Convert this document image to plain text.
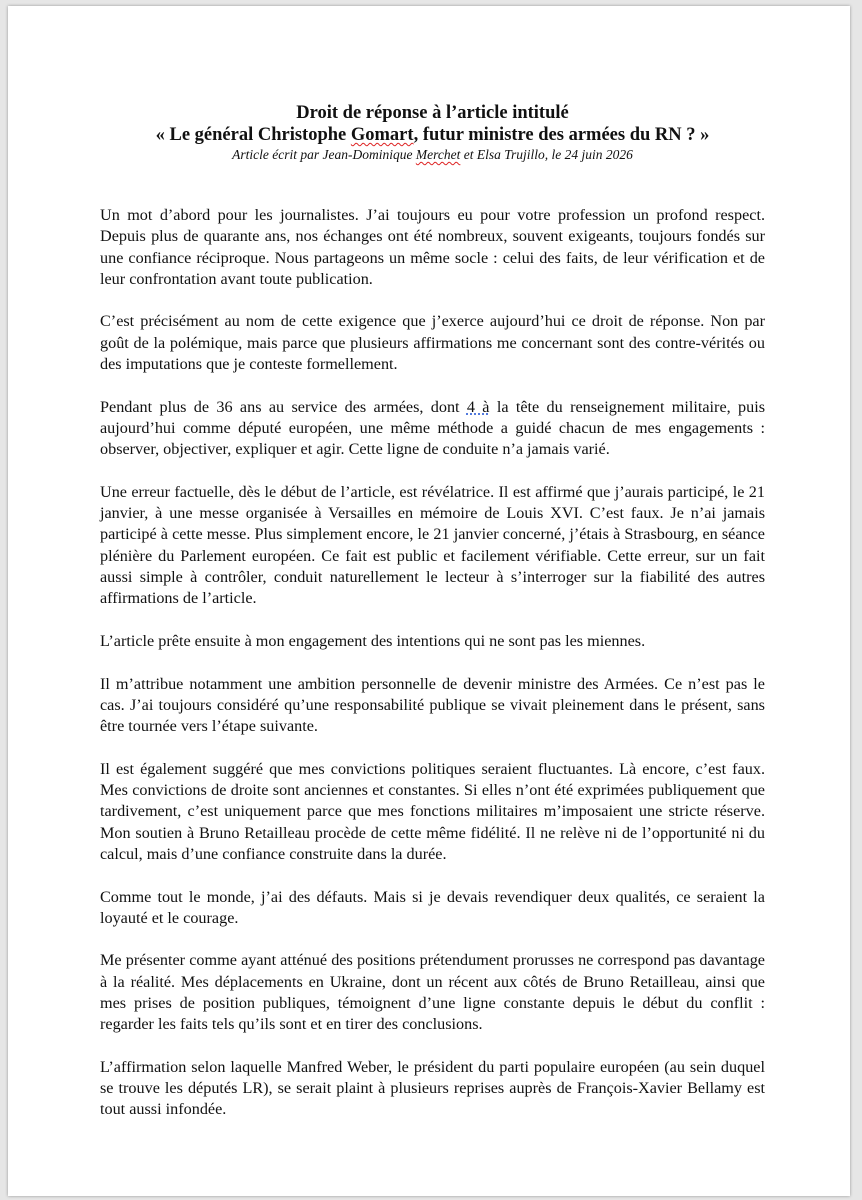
Droit de réponse à l’article intitulé

« Le général Christophe Gomart, futur ministre des armées du RN ? »

Article écrit par Jean-Dominique Merchet et Elsa Trujillo, le 24 juin 2026

Un mot d’abord pour les journalistes. J’ai toujours eu pour votre profession un profond respect. Depuis plus de quarante ans, nos échanges ont été nombreux, souvent exigeants, toujours fondés sur une confiance réciproque. Nous partageons un même socle : celui des faits, de leur vérification et de leur confrontation avant toute publication.

C’est précisément au nom de cette exigence que j’exerce aujourd’hui ce droit de réponse. Non par goût de la polémique, mais parce que plusieurs affirmations me concernant sont des contre-vérités ou des imputations que je conteste formellement.

Pendant plus de 36 ans au service des armées, dont 4 à la tête du renseignement militaire, puis aujourd’hui comme député européen, une même méthode a guidé chacun de mes engagements : observer, objectiver, expliquer et agir. Cette ligne de conduite n’a jamais varié.

Une erreur factuelle, dès le début de l’article, est révélatrice. Il est affirmé que j’aurais participé, le 21 janvier, à une messe organisée à Versailles en mémoire de Louis XVI. C’est faux. Je n’ai jamais participé à cette messe. Plus simplement encore, le 21 janvier concerné, j’étais à Strasbourg, en séance plénière du Parlement européen. Ce fait est public et facilement vérifiable. Cette erreur, sur un fait aussi simple à contrôler, conduit naturellement le lecteur à s’interroger sur la fiabilité des autres affirmations de l’article.

L’article prête ensuite à mon engagement des intentions qui ne sont pas les miennes.

Il m’attribue notamment une ambition personnelle de devenir ministre des Armées. Ce n’est pas le cas. J’ai toujours considéré qu’une responsabilité publique se vivait pleinement dans le présent, sans être tournée vers l’étape suivante.

Il est également suggéré que mes convictions politiques seraient fluctuantes. Là encore, c’est faux. Mes convictions de droite sont anciennes et constantes. Si elles n’ont été exprimées publiquement que tardivement, c’est uniquement parce que mes fonctions militaires m’imposaient une stricte réserve. Mon soutien à Bruno Retailleau procède de cette même fidélité. Il ne relève ni de l’opportunité ni du calcul, mais d’une confiance construite dans la durée.

Comme tout le monde, j’ai des défauts. Mais si je devais revendiquer deux qualités, ce seraient la loyauté et le courage.

Me présenter comme ayant atténué des positions prétendument prorusses ne correspond pas davantage à la réalité. Mes déplacements en Ukraine, dont un récent aux côtés de Bruno Retailleau, ainsi que mes prises de position publiques, témoignent d’une ligne constante depuis le début du conflit : regarder les faits tels qu’ils sont et en tirer des conclusions.

L’affirmation selon laquelle Manfred Weber, le président du parti populaire européen (au sein duquel se trouve les députés LR), se serait plaint à plusieurs reprises auprès de François-Xavier Bellamy est tout aussi infondée.
